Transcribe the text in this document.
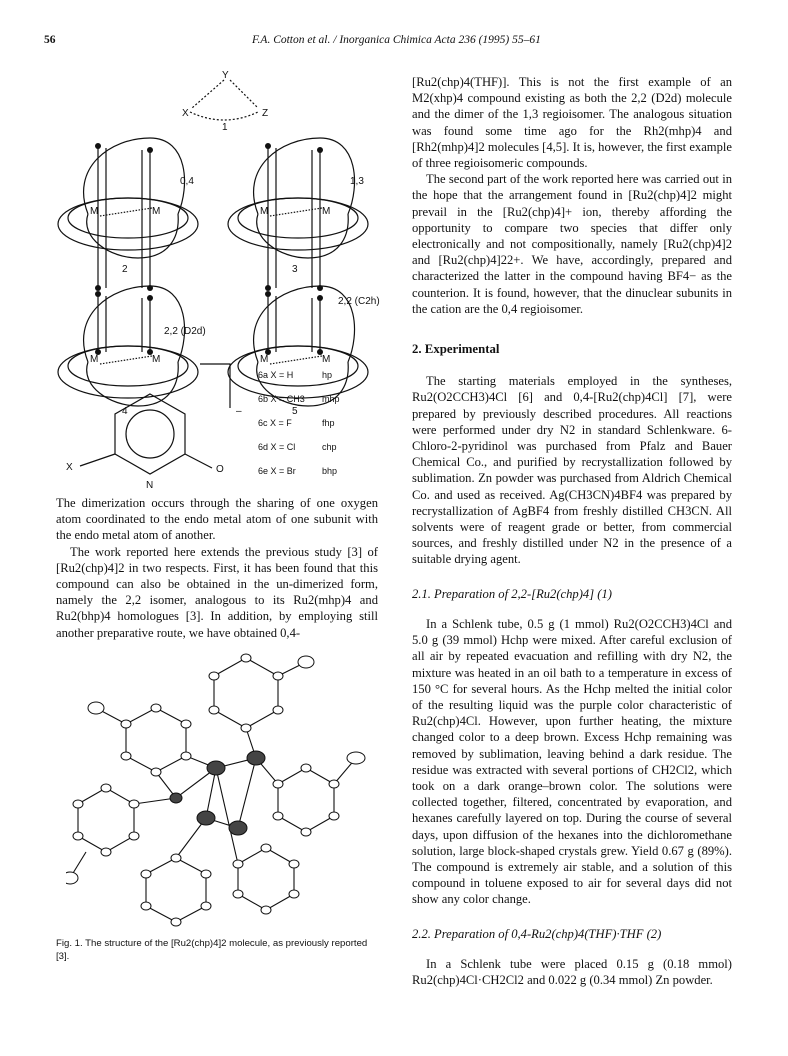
56	F.A. Cotton et al. / Inorganica Chimica Acta 236 (1995) 55–61
Y
X	Z
1
M	M
0,4
M	M
1,3
2	3
M	M
2,2 (D2d)
M	M
2,2 (C2h)
4	5
X
N
O
–
6a X = H	hp
6b X = CH3 mhp
6c X = F	fhp
6d X = Cl	chp
6e X = Br	bhp

The dimerization occurs through the sharing of one oxygen atom coordinated to the endo metal atom of one subunit with the endo metal atom of another.

The work reported here extends the previous study [3] of [Ru2(chp)4]2 in two respects. First, it has been found that this compound can also be obtained in the un-dimerized form, namely the 2,2 isomer, analogous to its Ru2(mhp)4 and Ru2(bhp)4 homologues [3]. In addition, by employing still another preparative route, we have obtained 0,4-

Fig. 1. The structure of the [Ru2(chp)4]2 molecule, as previously reported [3].

[Ru2(chp)4(THF)]. This is not the first example of an M2(xhp)4 compound existing as both the 2,2 (D2d) molecule and the dimer of the 1,3 regioisomer. The analogous situation was found some time ago for the Rh2(mhp)4 and [Rh2(mhp)4]2 molecules [4,5]. It is, however, the first example of three regioisomeric compounds.

The second part of the work reported here was carried out in the hope that the arrangement found in [Ru2(chp)4]2 might prevail in the [Ru2(chp)4]+ ion, thereby affording the opportunity to compare two species that differ only electronically and not compositionally, namely [Ru2(chp)4]2 and [Ru2(chp)4]22+. We have, accordingly, prepared and characterized the latter in the compound having BF4− as the counterion. It is found, however, that the dinuclear subunits in the cation are the 0,4 regioisomer.

2. Experimental

The starting materials employed in the syntheses, Ru2(O2CCH3)4Cl [6] and 0,4-[Ru2(chp)4Cl] [7], were prepared by previously described procedures. All reactions were performed under dry N2 in standard Schlenkware. 6-Chloro-2-pyridinol was purchased from Pfalz and Bauer Chemical Co., and purified by recrystallization followed by sublimation. Zn powder was purchased from Aldrich Chemical Co. and used as received. Ag(CH3CN)4BF4 was prepared by recrystallization of AgBF4 from freshly distilled CH3CN. All solvents were of reagent grade or better, from commercial sources, and freshly distilled under N2 in the presence of a suitable drying agent.

2.1. Preparation of 2,2-[Ru2(chp)4] (1)

In a Schlenk tube, 0.5 g (1 mmol) Ru2(O2CCH3)4Cl and 5.0 g (39 mmol) Hchp were mixed. After careful exclusion of all air by repeated evacuation and refilling with dry N2, the mixture was heated in an oil bath to a temperature in excess of 150 °C for several hours. As the Hchp melted the initial color of the resulting liquid was the purple color characteristic of Ru2(chp)4Cl. However, upon further heating, the mixture changed color to a deep brown. Excess Hchp remaining was removed by sublimation, leaving behind a dark residue. The residue was extracted with several portions of CH2Cl2, which took on a dark orange–brown color. The solutions were collected together, filtered, concentrated by evaporation, and hexanes carefully layered on top. During the course of several days, upon diffusion of the hexanes into the dichloromethane solution, large block-shaped crystals grew. Yield 0.67 g (89%). The compound is extremely air stable, and a solution of this compound in toluene exposed to air for several days did not show any color change.

2.2. Preparation of 0,4-Ru2(chp)4(THF)·THF (2)

In a Schlenk tube were placed 0.15 g (0.18 mmol) Ru2(chp)4Cl·CH2Cl2 and 0.022 g (0.34 mmol) Zn powder.
